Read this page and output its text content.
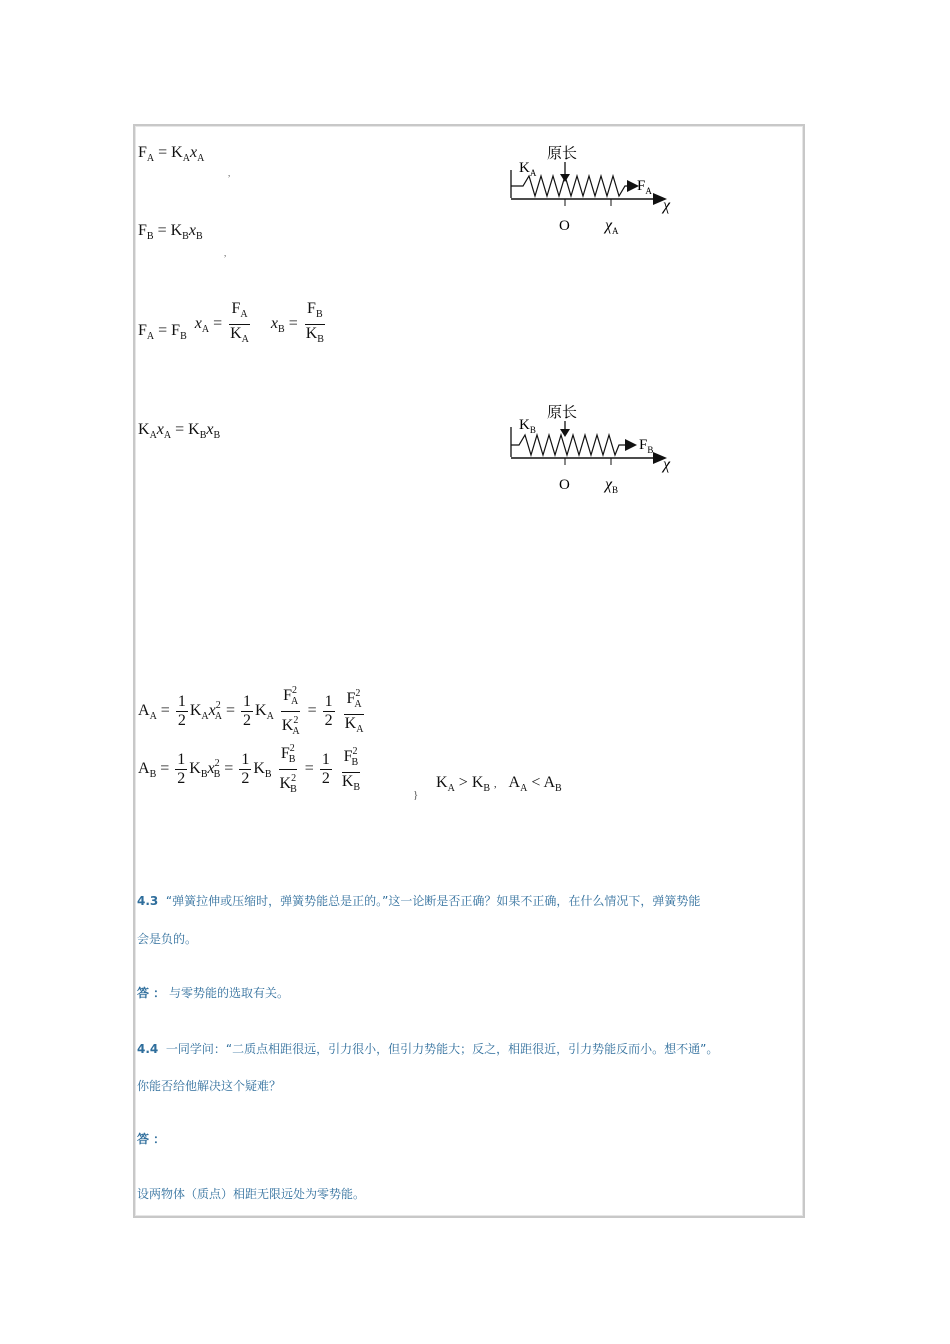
$F_A = K_Ax_A$
,
$F_B = K_Bx_B$
,
$F_A = F_B$ $x_A = \frac{F_A}{K_A} x_B = \frac{F_B}{K_B}$
$K_Ax_A = K_Bx_B$
原长
$K_A$
$F_A$
χ
O $\chi_A$
原长
$K_B$
$F_B$
χ
O $\chi_B$
$A_A = \frac{1}{2} K_Ax^2_A = \frac{1}{2} K_A \frac{F^2_A}{K^2_A} = \frac{1}{2}$
$\frac{F^2_A}{K_A}$
$A_B = \frac{1}{2} K_Bx^2_B = \frac{1}{2} K_B \frac{F^2_B}{K^2_B} = \frac{1}{2}$
$\frac{F^2_B}{K_B}$	}
$K_A > K_B$ ,  $A_A < A_B$
4.3 “弹簧拉伸或压缩时，弹簧势能总是正的。”这一论断是否正确？如果不正确，在什么情况下，弹簧势能
会是负的。
答 ： 与零势能的选取有关。
4.4 一同学问：“二质点相距很远，引力很小，但引力势能大；反之，相距很近，引力势能反而小。想不通”。
你能否给他解决这个疑难？
答 ：
设两物体（质点）相距无限远处为零势能。
